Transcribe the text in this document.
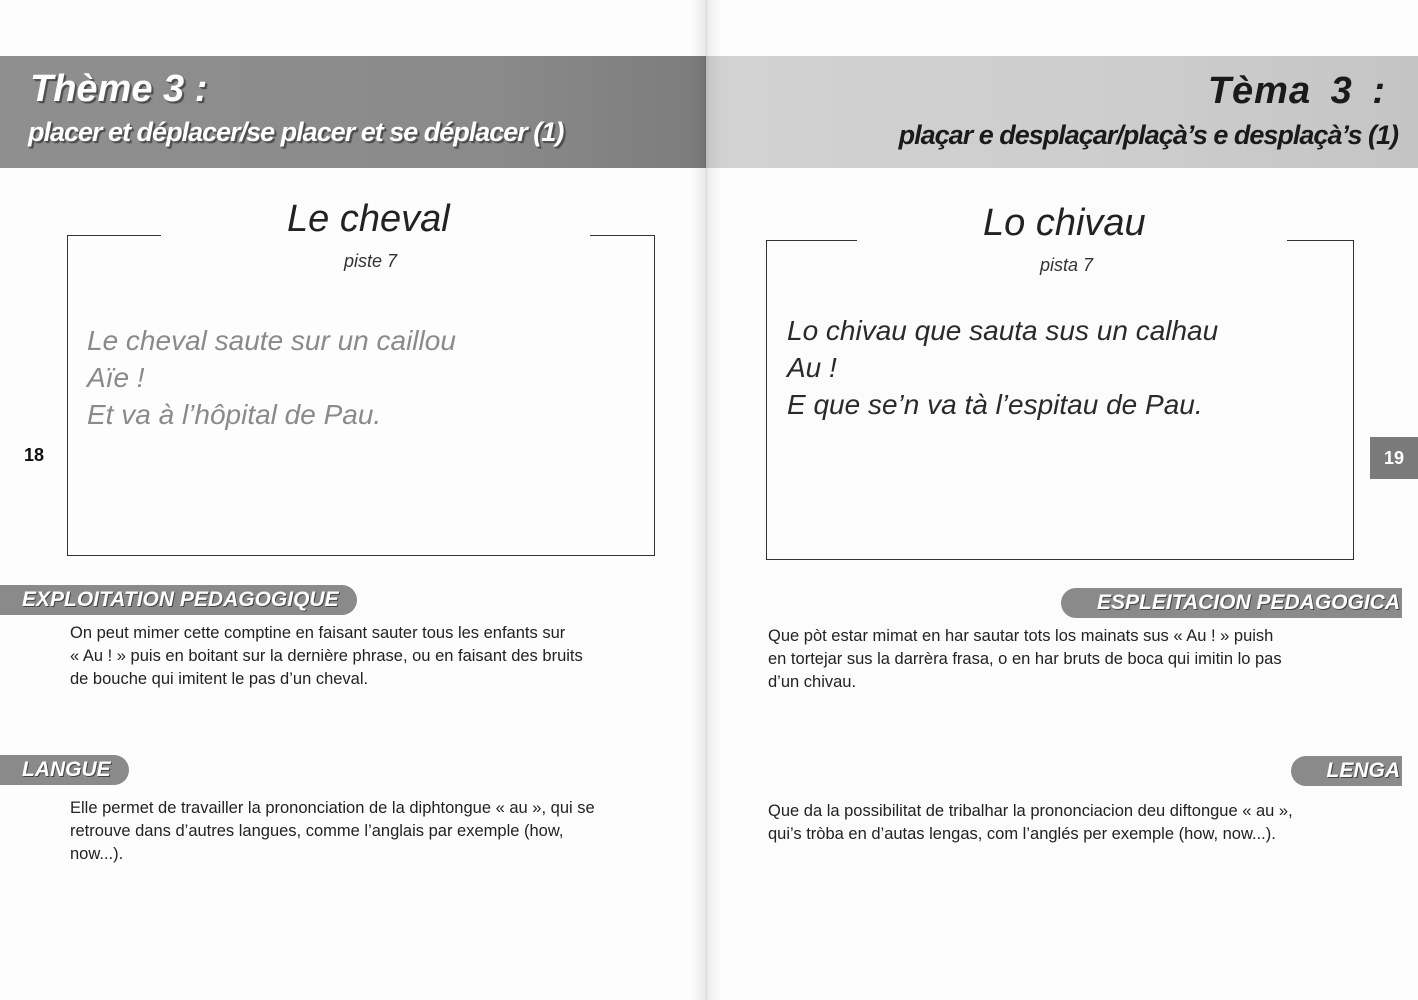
Thème 3 :
placer et déplacer/se placer et se déplacer (1)
Le cheval
piste 7
Le cheval saute sur un caillou
Aïe !
Et va à l’hôpital de Pau.
18
EXPLOITATION PEDAGOGIQUE
On peut mimer cette comptine en faisant sauter tous les enfants sur
« Au ! » puis en boitant sur la dernière phrase, ou en faisant des bruits
de bouche qui imitent le pas d’un cheval.
LANGUE
Elle permet de travailler la prononciation de la diphtongue « au », qui se
retrouve dans d’autres langues, comme l’anglais par exemple (how,
now...).
Tèma 3 :
plaçar e desplaçar/plaçà’s e desplaçà’s (1)
Lo chivau
pista 7
Lo chivau que sauta sus un calhau
Au !
E que se’n va tà l’espitau de Pau.
19
ESPLEITACION PEDAGOGICA
Que pòt estar mimat en har sautar tots los mainats sus « Au ! » puish
en tortejar sus la darrèra frasa, o en har bruts de boca qui imitin lo pas
d’un chivau.
LENGA
Que da la possibilitat de tribalhar la prononciacion deu diftongue « au »,
qui’s tròba en d’autas lengas, com l’anglés per exemple (how, now...).
